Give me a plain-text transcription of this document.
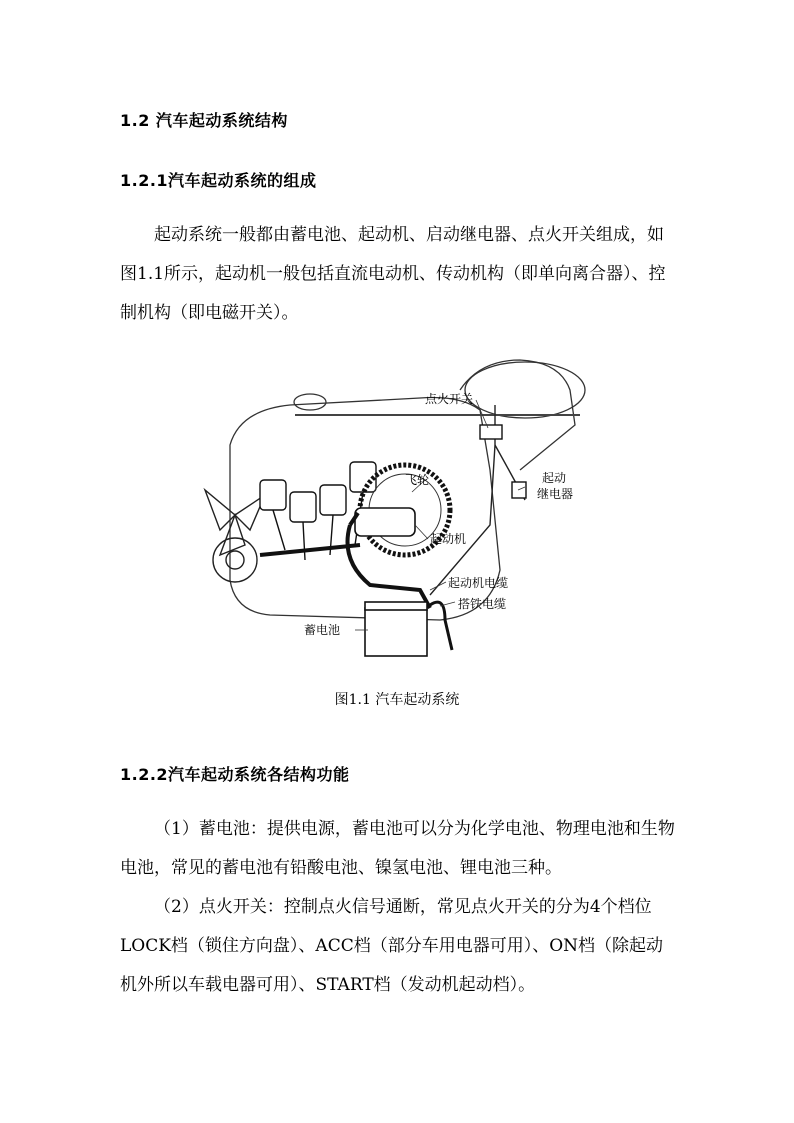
1.2 汽车起动系统结构
1.2.1汽车起动系统的组成
起动系统一般都由蓄电池、起动机、启动继电器、点火开关组成，如图1.1所示，起动机一般包括直流电动机、传动机构（即单向离合器）、控制机构（即电磁开关）。
点火开关
飞轮	起动
继电器
起动机
起动机电缆
搭铁电缆
蓄电池
图1.1 汽车起动系统
1.2.2汽车起动系统各结构功能
（1）蓄电池：提供电源，蓄电池可以分为化学电池、物理电池和生物电池，常见的蓄电池有铅酸电池、镍氢电池、锂电池三种。
（2）点火开关：控制点火信号通断，常见点火开关的分为4个档位LOCK档（锁住方向盘）、ACC档（部分车用电器可用）、ON档（除起动机外所以车载电器可用）、START档（发动机起动档）。
